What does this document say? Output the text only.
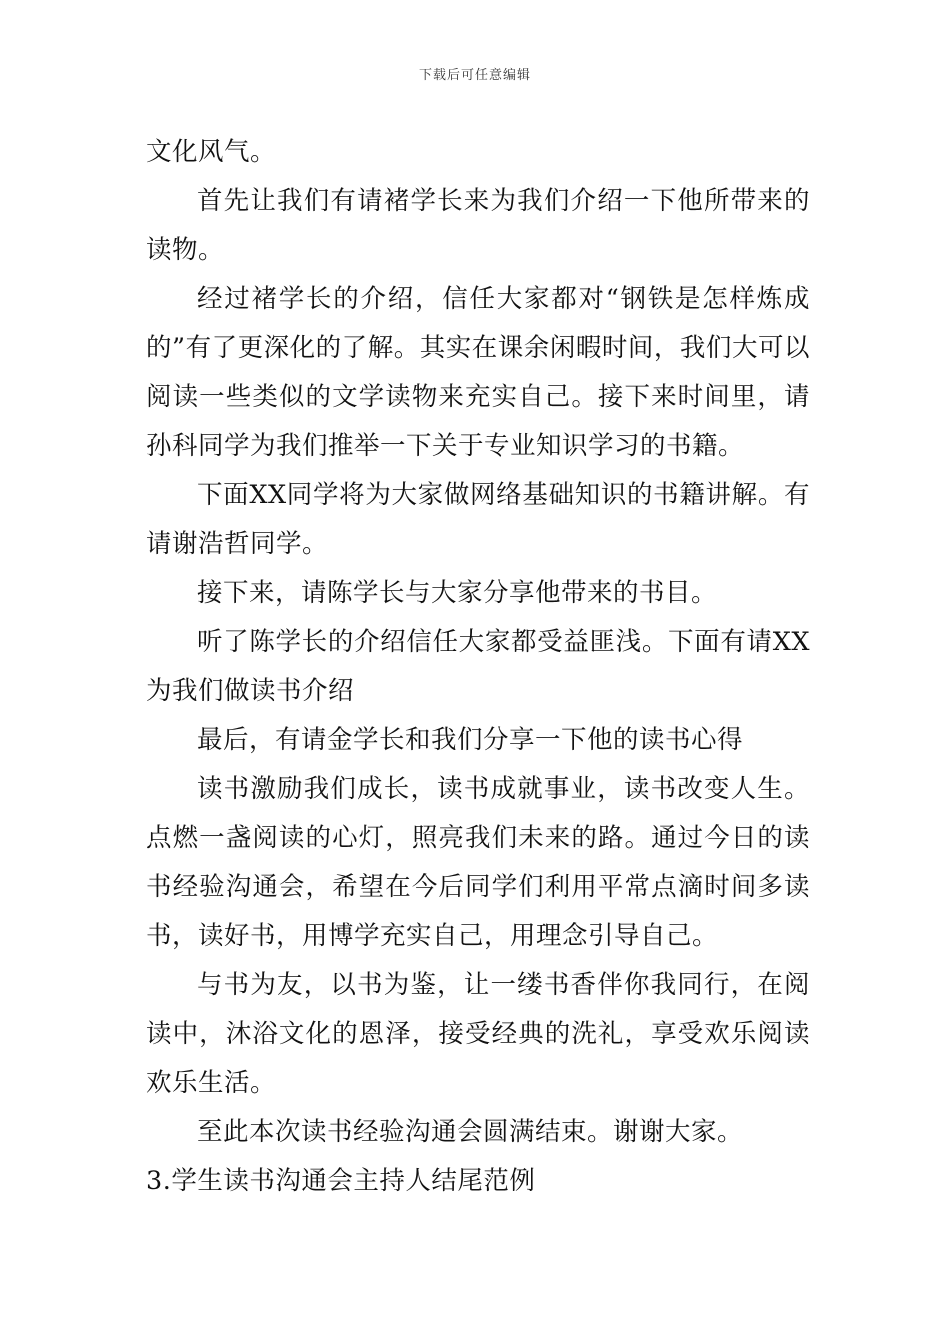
下载后可任意编辑

文化风气。

首先让我们有请褚学长来为我们介绍一下他所带来的读物。

经过褚学长的介绍，信任大家都对“钢铁是怎样炼成的”有了更深化的了解。其实在课余闲暇时间，我们大可以阅读一些类似的文学读物来充实自己。接下来时间里，请孙科同学为我们推举一下关于专业知识学习的书籍。

下面XX同学将为大家做网络基础知识的书籍讲解。有请谢浩哲同学。

接下来，请陈学长与大家分享他带来的书目。

听了陈学长的介绍信任大家都受益匪浅。下面有请XX为我们做读书介绍

最后，有请金学长和我们分享一下他的读书心得

读书激励我们成长，读书成就事业，读书改变人生。点燃一盏阅读的心灯，照亮我们未来的路。通过今日的读书经验沟通会，希望在今后同学们利用平常点滴时间多读书，读好书，用博学充实自己，用理念引导自己。

与书为友，以书为鉴，让一缕书香伴你我同行，在阅读中，沐浴文化的恩泽，接受经典的洗礼，享受欢乐阅读欢乐生活。

至此本次读书经验沟通会圆满结束。谢谢大家。

3.学生读书沟通会主持人结尾范例
